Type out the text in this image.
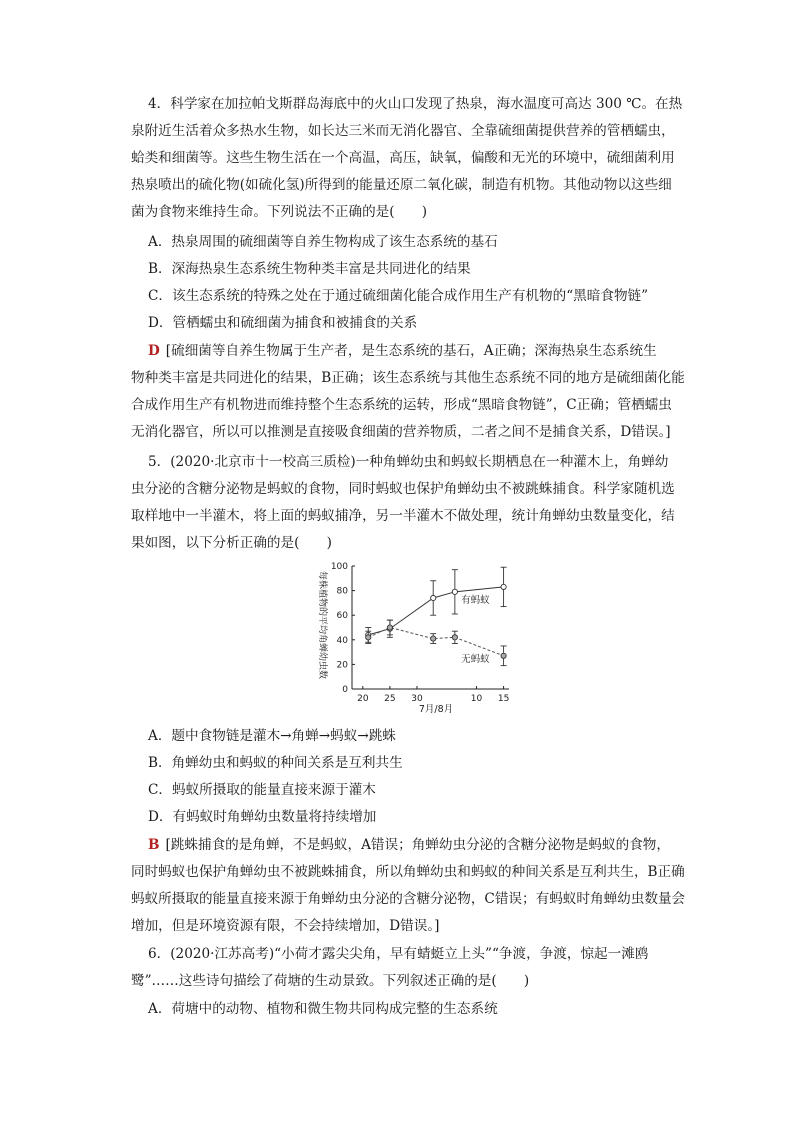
4．科学家在加拉帕戈斯群岛海底中的火山口发现了热泉，海水温度可高达 300 ℃。在热
泉附近生活着众多热水生物，如长达三米而无消化器官、全靠硫细菌提供营养的管栖蠕虫，
蛤类和细菌等。这些生物生活在一个高温，高压，缺氧，偏酸和无光的环境中，硫细菌利用
热泉喷出的硫化物(如硫化氢)所得到的能量还原二氧化碳，制造有机物。其他动物以这些细
菌为食物来维持生命。下列说法不正确的是(　　)
A．热泉周围的硫细菌等自养生物构成了该生态系统的基石
B．深海热泉生态系统生物种类丰富是共同进化的结果
C．该生态系统的特殊之处在于通过硫细菌化能合成作用生产有机物的“黑暗食物链”
D．管栖蠕虫和硫细菌为捕食和被捕食的关系
D [硫细菌等自养生物属于生产者，是生态系统的基石，A正确；深海热泉生态系统生
物种类丰富是共同进化的结果，B正确；该生态系统与其他生态系统不同的地方是硫细菌化能
合成作用生产有机物进而维持整个生态系统的运转，形成“黑暗食物链”，C正确；管栖蠕虫
无消化器官，所以可以推测是直接吸食细菌的营养物质，二者之间不是捕食关系，D错误。]
5．(2020·北京市十一校高三质检)一种角蝉幼虫和蚂蚁长期栖息在一种灌木上，角蝉幼
虫分泌的含糖分泌物是蚂蚁的食物，同时蚂蚁也保护角蝉幼虫不被跳蛛捕食。科学家随机选
取样地中一半灌木，将上面的蚂蚁捕净，另一半灌木不做处理，统计角蝉幼虫数量变化，结
果如图，以下分析正确的是(　　)
每株植物的平均角蝉幼虫数
7月/8月
0
20
40
60
80
100
20 25 30	10 15
有蚂蚁
无蚂蚁
A．题中食物链是灌木→角蝉→蚂蚁→跳蛛
B．角蝉幼虫和蚂蚁的种间关系是互利共生
C．蚂蚁所摄取的能量直接来源于灌木
D．有蚂蚁时角蝉幼虫数量将持续增加
B [跳蛛捕食的是角蝉，不是蚂蚁，A错误；角蝉幼虫分泌的含糖分泌物是蚂蚁的食物，
同时蚂蚁也保护角蝉幼虫不被跳蛛捕食，所以角蝉幼虫和蚂蚁的种间关系是互利共生，B正确
蚂蚁所摄取的能量直接来源于角蝉幼虫分泌的含糖分泌物，C错误；有蚂蚁时角蝉幼虫数量会
增加，但是环境资源有限，不会持续增加，D错误。]
6．(2020·江苏高考)“小荷才露尖尖角，早有蜻蜓立上头”“争渡，争渡，惊起一滩鸥
鹭”……这些诗句描绘了荷塘的生动景致。下列叙述正确的是(　　)
A．荷塘中的动物、植物和微生物共同构成完整的生态系统
